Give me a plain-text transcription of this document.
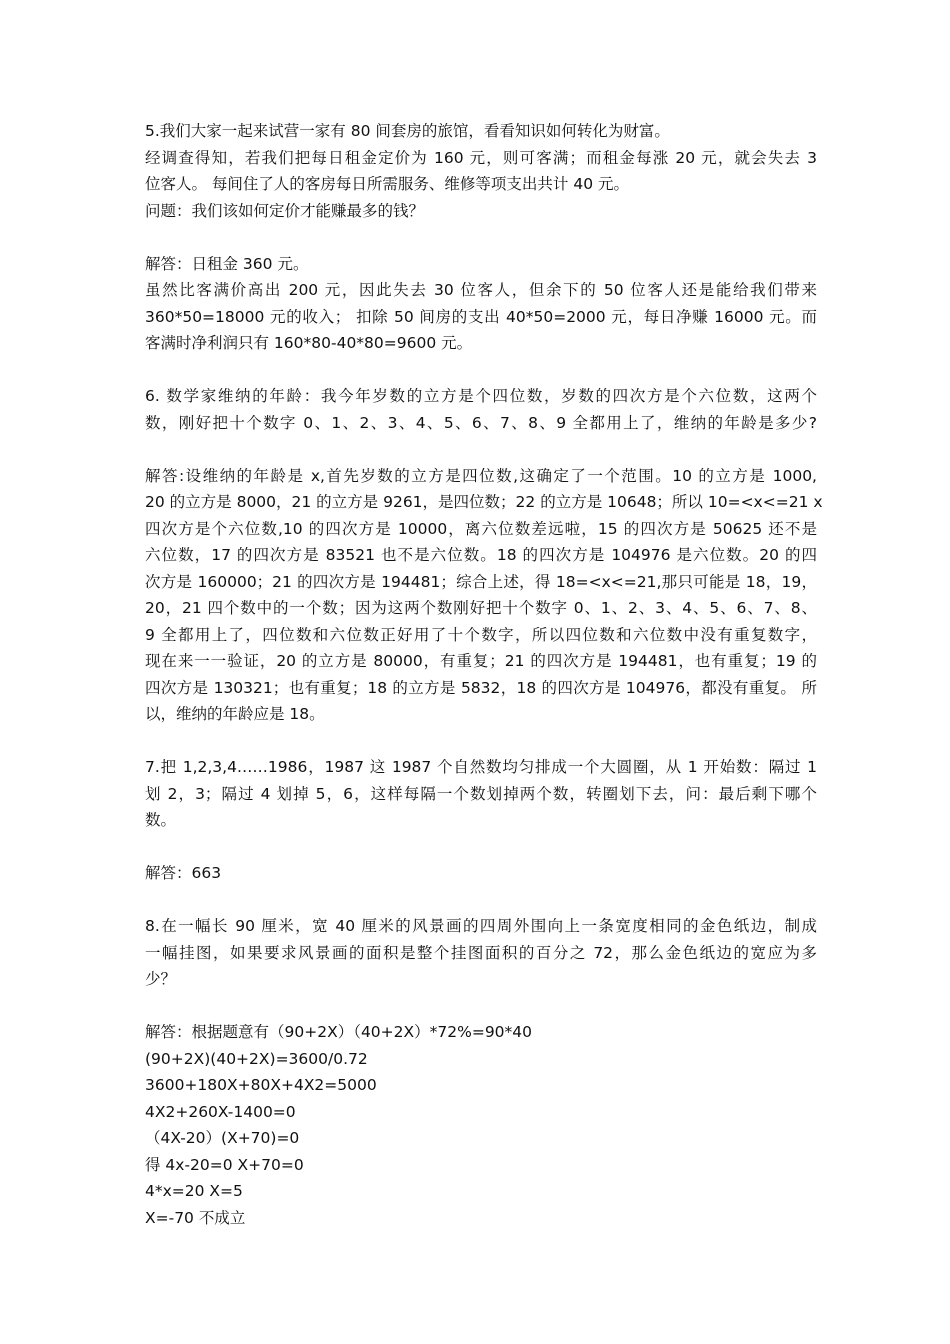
5.我们大家一起来试营一家有 80 间套房的旅馆，看看知识如何转化为财富。
经调查得知，若我们把每日租金定价为 160 元，则可客满；而租金每涨 20 元，就会失去 3
位客人。 每间住了人的客房每日所需服务、维修等项支出共计 40 元。
问题：我们该如何定价才能赚最多的钱？
解答：日租金 360 元。
虽然比客满价高出 200 元，因此失去 30 位客人，但余下的 50 位客人还是能给我们带来
360*50=18000 元的收入； 扣除 50 间房的支出 40*50=2000 元，每日净赚 16000 元。而
客满时净利润只有 160*80-40*80=9600 元。
6. 数学家维纳的年龄：我今年岁数的立方是个四位数，岁数的四次方是个六位数，这两个
数，刚好把十个数字 0、1、2、3、4、5、6、7、8、9 全都用上了，维纳的年龄是多少?
解答:设维纳的年龄是 x,首先岁数的立方是四位数,这确定了一个范围。10 的立方是 1000,
20 的立方是 8000，21 的立方是 9261，是四位数；22 的立方是 10648；所以 10=<x<=21 x
四次方是个六位数,10 的四次方是 10000，离六位数差远啦，15 的四次方是 50625 还不是
六位数，17 的四次方是 83521 也不是六位数。18 的四次方是 104976 是六位数。20 的四
次方是 160000；21 的四次方是 194481；综合上述，得 18=<x<=21,那只可能是 18，19，
20，21 四个数中的一个数；因为这两个数刚好把十个数字 0、1、2、3、4、5、6、7、8、
9 全都用上了，四位数和六位数正好用了十个数字，所以四位数和六位数中没有重复数字，
现在来一一验证，20 的立方是 80000，有重复；21 的四次方是 194481，也有重复；19 的
四次方是 130321；也有重复；18 的立方是 5832，18 的四次方是 104976，都没有重复。 所
以，维纳的年龄应是 18。
7.把 1,2,3,4……1986，1987 这 1987 个自然数均匀排成一个大圆圈，从 1 开始数：隔过 1
划 2，3；隔过 4 划掉 5，6，这样每隔一个数划掉两个数，转圈划下去，问：最后剩下哪个
数。
解答：663
8.在一幅长 90 厘米，宽 40 厘米的风景画的四周外围向上一条宽度相同的金色纸边，制成
一幅挂图，如果要求风景画的面积是整个挂图面积的百分之 72，那么金色纸边的宽应为多
少？
解答：根据题意有（90+2X）（40+2X）*72%=90*40
(90+2X)(40+2X)=3600/0.72
3600+180X+80X+4X2=5000
4X2+260X-1400=0
（4X-20）(X+70)=0
得 4x-20=0 X+70=0
4*x=20 X=5
X=-70 不成立
